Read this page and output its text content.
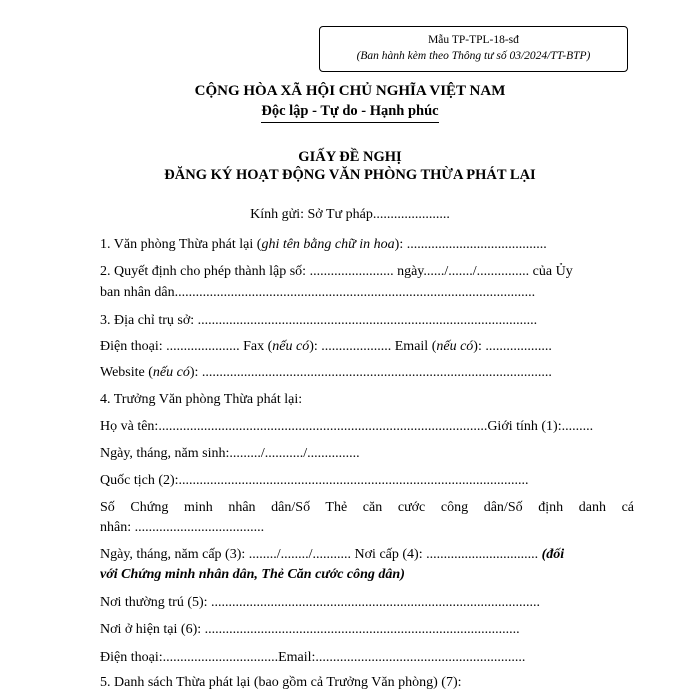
Mẫu TP-TPL-18-sđ
(Ban hành kèm theo Thông tư số 03/2024/TT-BTP)
CỘNG HÒA XÃ HỘI CHỦ NGHĨA VIỆT NAM
Độc lập - Tự do - Hạnh phúc
GIẤY ĐỀ NGHỊ
ĐĂNG KÝ HOẠT ĐỘNG VĂN PHÒNG THỪA PHÁT LẠI
Kính gửi: Sở Tư pháp......................
1. Văn phòng Thừa phát lại (ghi tên bằng chữ in hoa): ........................................
2. Quyết định cho phép thành lập số: ........................ ngày....../......./............... của Ủy
ban nhân dân.......................................................................................................
3. Địa chỉ trụ sở: .................................................................................................
Điện thoại: ..................... Fax (nếu có): .................... Email (nếu có): ...................
Website (nếu có): ....................................................................................................
4. Trưởng Văn phòng Thừa phát lại:
Họ và tên:..............................................................................................Giới tính (1):.........
Ngày, tháng, năm sinh:........./.........../...............
Quốc tịch (2):....................................................................................................
Số Chứng minh nhân dân/Số Thẻ căn cước công dân/Số định danh cá
nhân: .....................................
Ngày, tháng, năm cấp (3): ......../......../........... Nơi cấp (4): ................................ (đối
với Chứng minh nhân dân, Thẻ Căn cước công dân)
Nơi thường trú (5): ..............................................................................................
Nơi ở hiện tại (6): ..........................................................................................
Điện thoại:.................................Email:............................................................
5. Danh sách Thừa phát lại (bao gồm cả Trưởng Văn phòng) (7):
